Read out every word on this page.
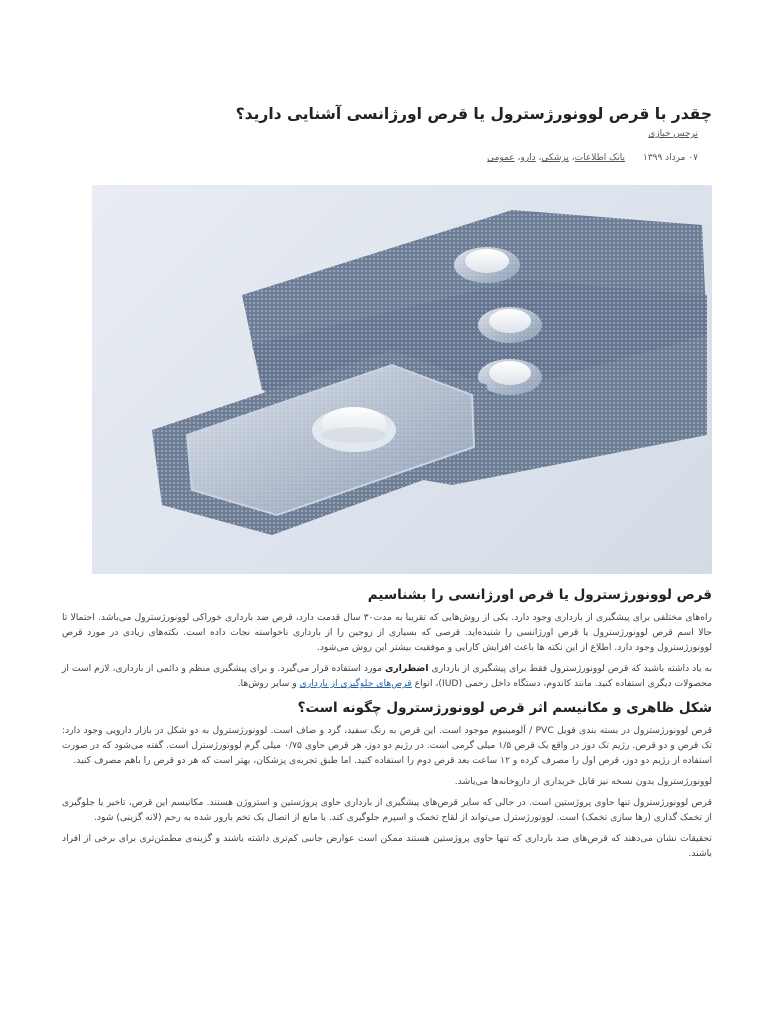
چقدر با قرص لوونورژسترول یا قرص اورژانسی آشنایی دارید؟
نرجس خبازی
۰۷ مرداد ۱۳۹۹
بانک اطلاعات، پزشکی، دارو، عمومی
قرص لوونورژسترول یا قرص اورژانسی را بشناسیم

راه‌های مختلفی برای پیشگیری از بارداری وجود دارد. یکی از روش‌هایی که تقریبا به مدت۳۰ سال قدمت دارد، قرص ضد بارداری خوراکی لوونورژسترول می‌باشد. احتمالا تا حالا اسم قرص لوونورژسترول یا قرص اورژانسی را شنیده‌اید. قرصی که بسیاری از زوجین را از بارداری ناخواسته نجات داده است. نکته‌های زیادی در مورد قرص لوونورژسترول وجود دارد. اطلاع از این نکته ها باعث افزایش کارایی و موفقیت بیشتر این روش می‌شود.

به یاد داشته باشید که قرص لوونورژسترول فقط برای پیشگیری از بارداری اضطراری مورد استفاده قرار می‌گیرد. و برای پیشگیری منظم و دائمی از بارداری، لازم است از محصولات دیگری استفاده کنید. مانند کاندوم، دستگاه داخل رحمی (IUD)، انواع قرص‌های جلوگیری از بارداری و سایر روش‌ها.

شکل ظاهری و مکانیسم اثر قرص لوونورژسترول چگونه است؟

قرص لوونورژسترول در بسته بندی فویل PVC / آلومینیوم موجود است. این قرص به رنگ سفید، گرد و صاف است. لوونورژسترول به دو شکل در بازار دارویی وجود دارد: تک قرص و دو قرص. رژیم تک دوز در واقع یک قرص ۱/۵ میلی گرمی است. در رژیم دو دوز، هر قرص حاوی ۰/۷۵ میلی گرم لوونورژسترل است. گفته می‌شود که در صورت استفاده از رژیم دو دوز، قرص اول را مصرف کرده و ۱۲ ساعت بعد قرص دوم را استفاده کنید. اما طبق تجربه‌ی پزشکان، بهتر است که هر دو قرص را باهم مصرف کنید.

لوونورژسترول بدون نسخه نیز قابل خریداری از داروخانه‌ها می‌باشد.

قرص لوونورژسترول تنها حاوی پروژستین است. در حالی که سایر قرص‌های پیشگیری از بارداری حاوی پروژستین و استروژن هستند. مکانیسم این قرص، تاخیر یا جلوگیری از تخمک گذاری (رها سازی تخمک) است. لوونورژسترل می‌تواند از لقاح تخمک و اسپرم جلوگیری کند. یا مانع از اتصال یک تخم بارور شده به رحم (لانه گزینی) شود.

تحقیقات نشان می‌دهند که قرص‌های ضد بارداری که تنها حاوی پروژستین هستند ممکن است عوارض جانبی کم‌تری داشته باشند و گزینه‌ی مطمئن‌تری برای برخی از افراد باشند.
